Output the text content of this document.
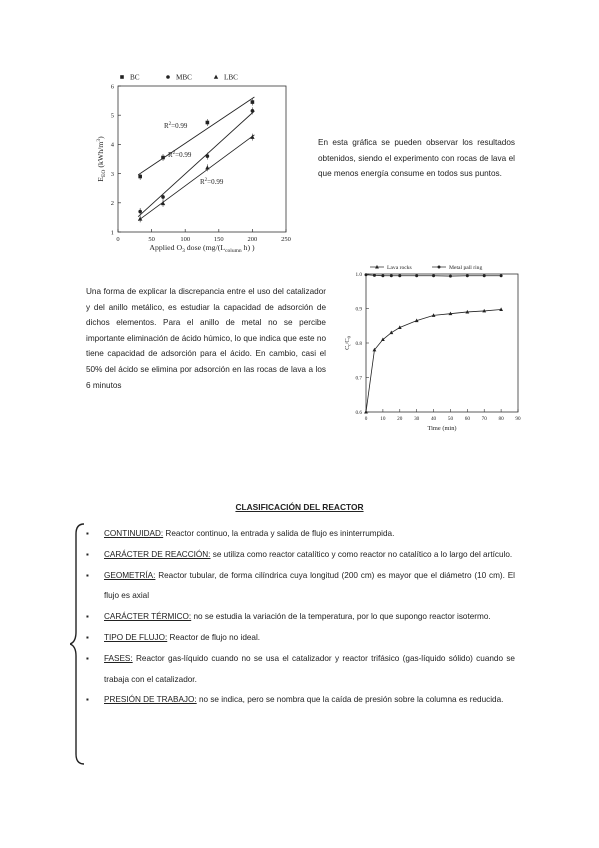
0	50	100	150	200	250
1
2
3
4
5
6
BC	MBC	LBC
$R^2=0.99$
$R^2=0.99$
$R^2=0.99$
Applied $O_3$ dose ($mg/(L_{column}$ h) )
$E_{EO}$ $(kWh/m^3)$
0 10 20 30 40 50 60 70 80 90
0.6
0.7
0.8
0.9
1.0
Lava rocks	Metal pall ring
Time (min)
$C_t/C_0$

En esta gráfica se pueden observar los resultados obtenidos, siendo el experimento con rocas de lava el que menos energía consume en todos sus puntos.

Una forma de explicar la discrepancia entre el uso del catalizador y del anillo metálico, es estudiar la capacidad de adsorción de dichos elementos. Para el anillo de metal no se percibe importante eliminación de ácido húmico, lo que indica que este no tiene capacidad de adsorción para el ácido. En cambio, casi el 50% del ácido se elimina por adsorción en las rocas de lava a los 6 minutos

CLASIFICACIÓN DEL REACTOR
▪ CONTINUIDAD: Reactor continuo, la entrada y salida de flujo es ininterrumpida.
▪ CARÁCTER DE REACCIÓN: se utiliza como reactor catalítico y como reactor no catalítico a lo largo del artículo.
▪ GEOMETRÍA: Reactor tubular, de forma cilíndrica cuya longitud (200 cm) es mayor que el diámetro (10 cm). El flujo es axial
▪ CARÁCTER TÉRMICO: no se estudia la variación de la temperatura, por lo que supongo reactor isotermo.
▪ TIPO DE FLUJO: Reactor de flujo no ideal.
▪ FASES: Reactor gas-líquido cuando no se usa el catalizador y reactor trifásico (gas-líquido sólido) cuando se trabaja con el catalizador.
▪ PRESIÓN DE TRABAJO: no se indica, pero se nombra que la caída de presión sobre la columna es reducida.
